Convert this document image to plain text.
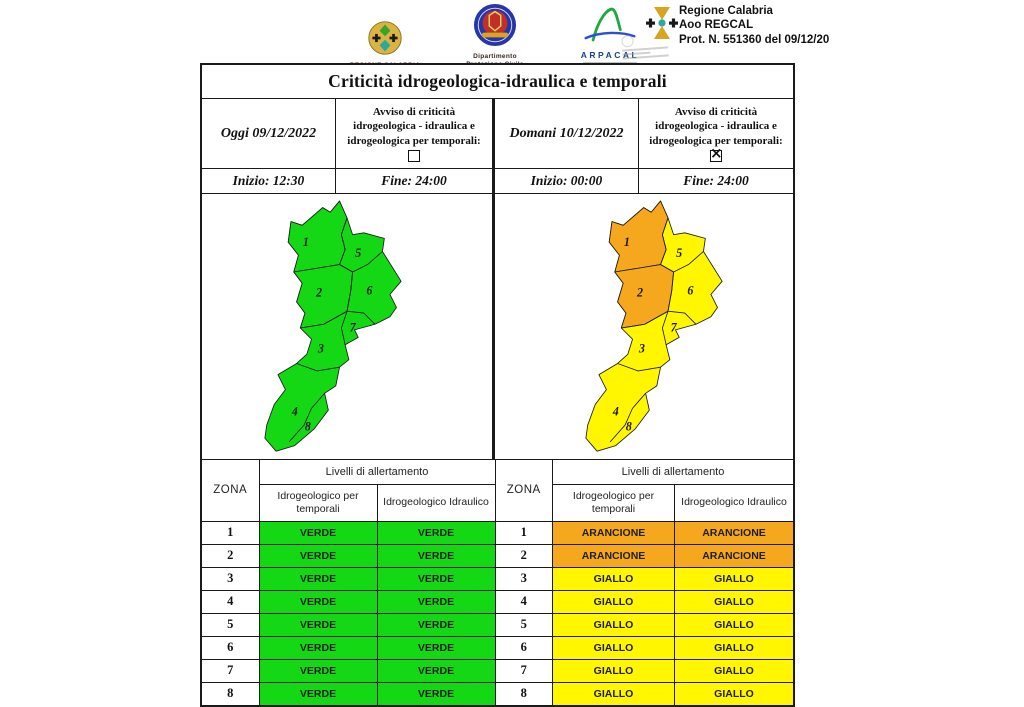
Dipartimento	ARPACAL
Regione Calabria
Aoo REGCAL
Prot. N. 551360 del 09/12/20
Criticità idrogeologica-idraulica e temporali
Oggi 09/12/2022
Avviso di criticità idrogeologica - idraulica e idrogeologica per temporali:
Domani 10/12/2022
Avviso di criticità idrogeologica - idraulica e idrogeologica per temporali:
×
Inizio: 12:30	Fine: 24:00	Inizio: 00:00	Fine: 24:00
ZONA	Livelli di allertamento	
	Idrogeologico per temporali	Idrogeologico Idraulico
1	VERDE	VERDE
2	VERDE	VERDE
3	VERDE	VERDE
4	VERDE	VERDE
5	VERDE	VERDE
6	VERDE	VERDE
7	VERDE	VERDE
8	VERDE	VERDE
ZONA	Livelli di allertamento	
	Idrogeologico per temporali	Idrogeologico Idraulico
1	ARANCIONE	ARANCIONE
2	ARANCIONE	ARANCIONE
3	GIALLO	GIALLO
4	GIALLO	GIALLO
5	GIALLO	GIALLO
6	GIALLO	GIALLO
7	GIALLO	GIALLO
8	GIALLO	GIALLO
